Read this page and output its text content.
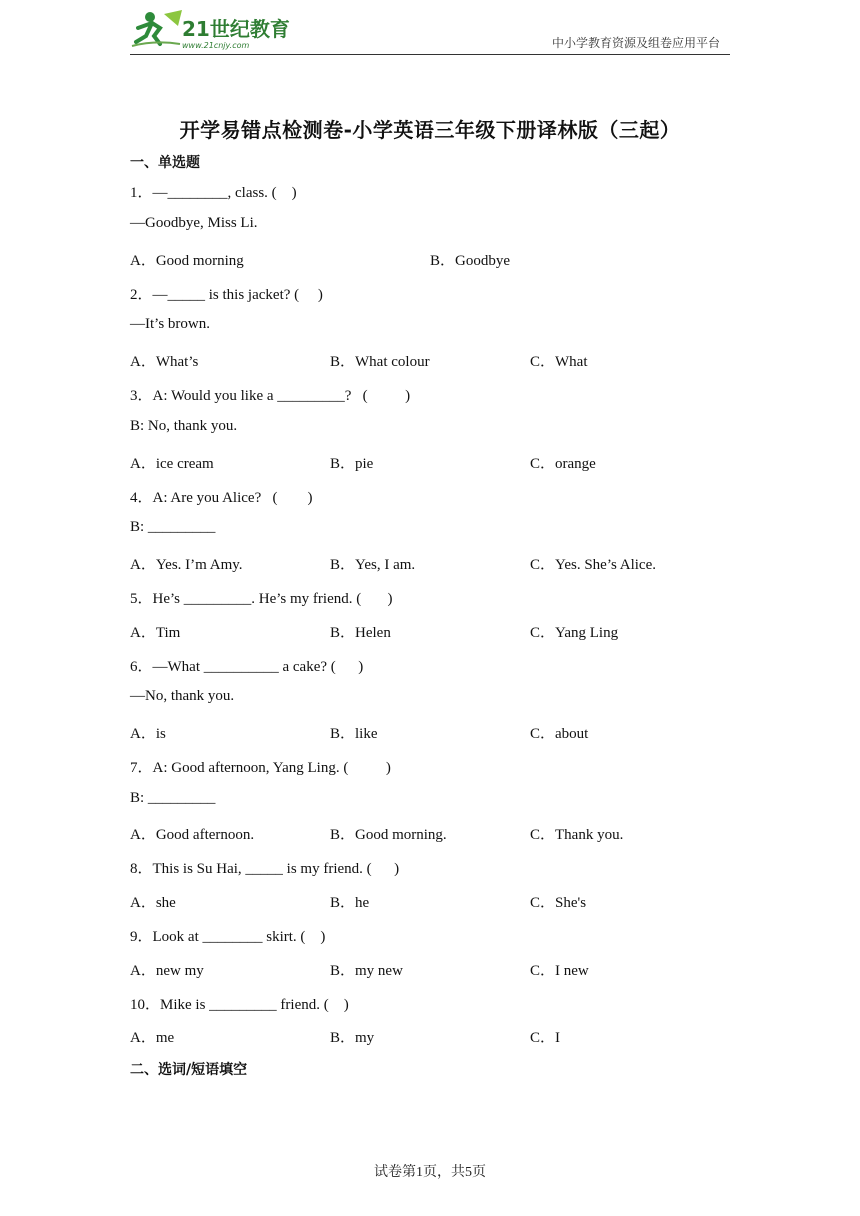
21世纪教育
www.21cnjy.com	中小学教育资源及组卷应用平台
开学易错点检测卷-小学英语三年级下册译林版（三起）
一、单选题
1．—________, class. (    )
—Goodbye, Miss Li.
A．Good morning	B．Goodbye
2．—_____ is this jacket? (     )
—It’s brown.
A．What’s	B．What colour	C．What
3．A: Would you like a _________?   (          )
B: No, thank you.
A．ice cream	B．pie	C．orange
4．A: Are you Alice?   (        )
B: _________
A．Yes. I’m Amy.	B．Yes, I am.	C．Yes. She’s Alice.
5．He’s _________. He’s my friend. (       )
A．Tim	B．Helen	C．Yang Ling
6．—What __________ a cake? (      )
—No, thank you.
A．is	B．like	C．about
7．A: Good afternoon, Yang Ling. (          )
B: _________
A．Good afternoon.	B．Good morning.	C．Thank you.
8．This is Su Hai, _____ is my friend. (      )
A．she	B．he	C．She's
9．Look at ________ skirt. (    )
A．new my	B．my new	C．I new
10．Mike is _________ friend. (    )
A．me	B．my	C．I
二、选词/短语填空
试卷第1页，共5页
